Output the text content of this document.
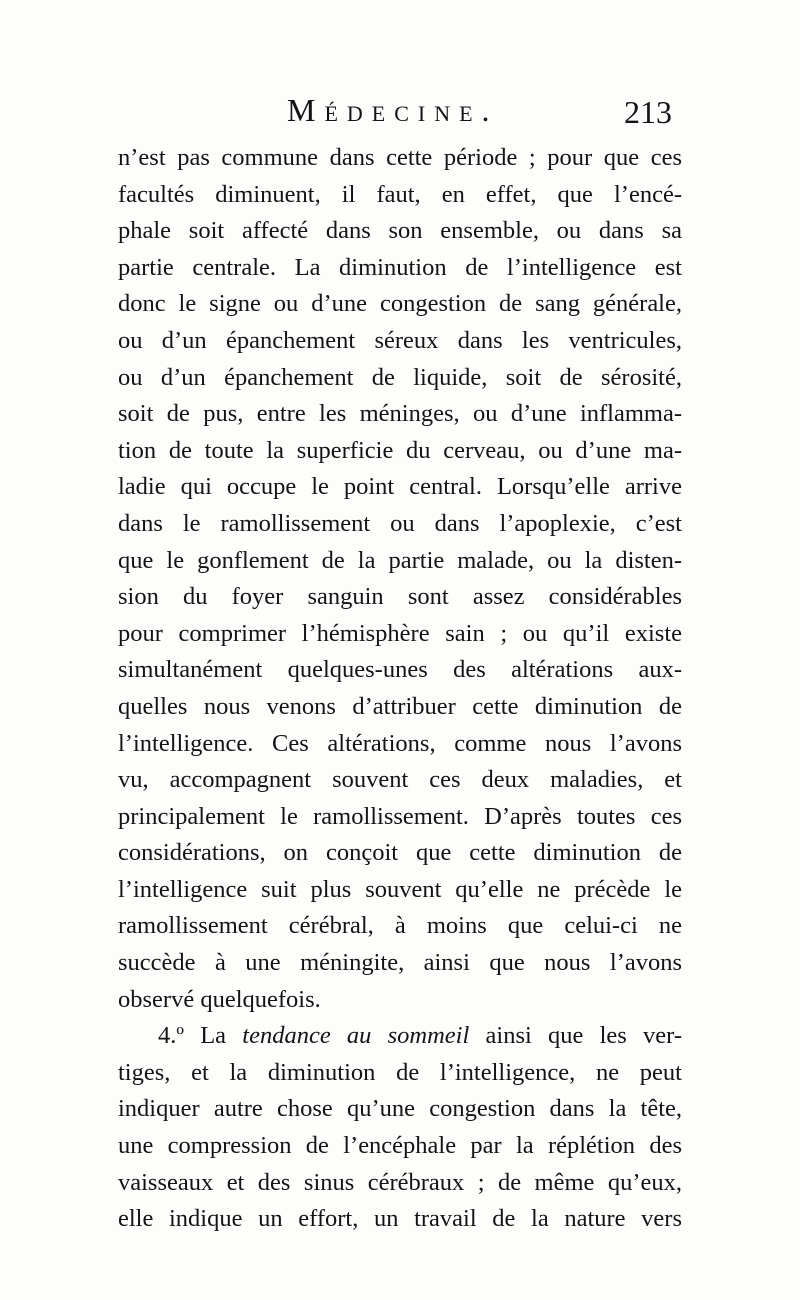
Médecine.	213
n’est pas commune dans cette période ; pour que ces
facultés diminuent, il faut, en effet, que l’encé-
phale soit affecté dans son ensemble, ou dans sa
partie centrale. La diminution de l’intelligence est
donc le signe ou d’une congestion de sang générale,
ou d’un épanchement séreux dans les ventricules,
ou d’un épanchement de liquide, soit de sérosité,
soit de pus, entre les méninges, ou d’une inflamma-
tion de toute la superficie du cerveau, ou d’une ma-
ladie qui occupe le point central. Lorsqu’elle arrive
dans le ramollissement ou dans l’apoplexie, c’est
que le gonflement de la partie malade, ou la disten-
sion du foyer sanguin sont assez considérables
pour comprimer l’hémisphère sain ; ou qu’il existe
simultanément quelques-unes des altérations aux-
quelles nous venons d’attribuer cette diminution de
l’intelligence. Ces altérations, comme nous l’avons
vu, accompagnent souvent ces deux maladies, et
principalement le ramollissement. D’après toutes ces
considérations, on conçoit que cette diminution de
l’intelligence suit plus souvent qu’elle ne précède le
ramollissement cérébral, à moins que celui-ci ne
succède à une méningite, ainsi que nous l’avons
observé quelquefois.
4.º La tendance au sommeil ainsi que les ver-
tiges, et la diminution de l’intelligence, ne peut
indiquer autre chose qu’une congestion dans la tête,
une compression de l’encéphale par la réplétion des
vaisseaux et des sinus cérébraux ; de même qu’eux,
elle indique un effort, un travail de la nature vers
